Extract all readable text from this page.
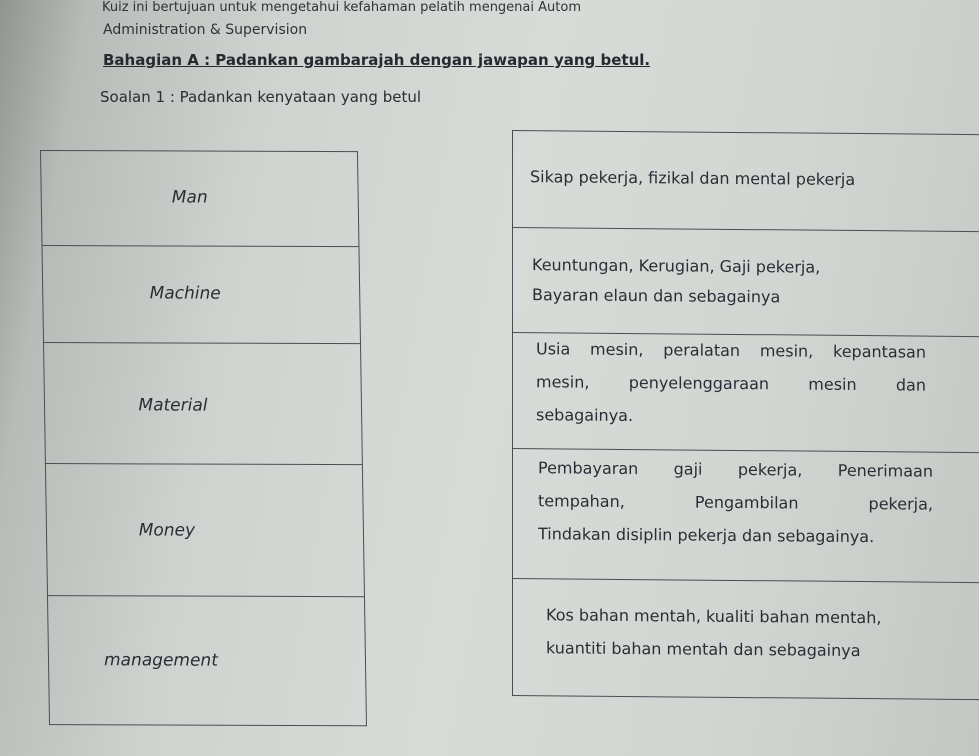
Kuiz ini bertujuan untuk mengetahui kefahaman pelatih mengenai Autom
Administration & Supervision
Bahagian A : Padankan gambarajah dengan jawapan yang betul.
Soalan 1 : Padankan kenyataan yang betul
Man
Machine
Material
Money
management
Sikap pekerja, fizikal dan mental pekerja
Keuntungan, Kerugian, Gaji pekerja,
Bayaran elaun dan sebagainya
Usia mesin, peralatan mesin, kepantasan
mesin, penyelenggaraan mesin dan
sebagainya.
Pembayaran gaji pekerja, Penerimaan
tempahan, Pengambilan pekerja,
Tindakan disiplin pekerja dan sebagainya.
Kos bahan mentah, kualiti bahan mentah,
kuantiti bahan mentah dan sebagainya
